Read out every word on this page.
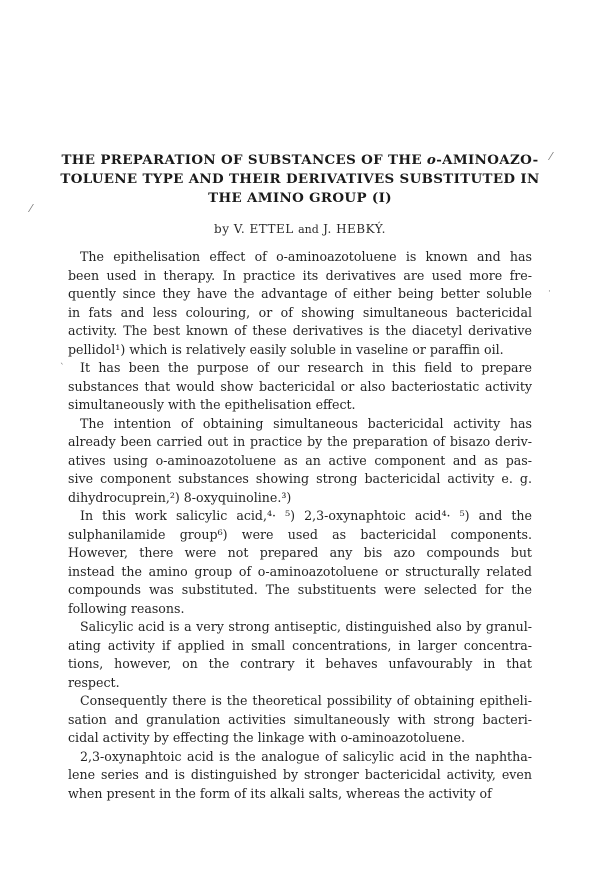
THE PREPARATION OF SUBSTANCES OF THE o-AMINOAZO-
TOLUENE TYPE AND THEIR DERIVATIVES SUBSTITUTED IN
THE AMINO GROUP (I)
by V. ETTEL and J. HEBKÝ.

The epithelisation effect of o-aminoazotoluene is known and has
been used in therapy. In practice its derivatives are used more fre-
quently since they have the advantage of either being better soluble
in fats and less colouring, or of showing simultaneous bactericidal
activity. The best known of these derivatives is the diacetyl derivative
pellidol¹) which is relatively easily soluble in vaseline or paraffin oil.

It has been the purpose of our research in this field to prepare
substances that would show bactericidal or also bacteriostatic activity
simultaneously with the epithelisation effect.

The intention of obtaining simultaneous bactericidal activity has
already been carried out in practice by the preparation of bisazo deriv-
atives using o-aminoazotoluene as an active component and as pas-
sive component substances showing strong bactericidal activity e. g.
dihydrocuprein,²) 8-oxyquinoline.³)

In this work salicylic acid,⁴· ⁵) 2,3-oxynaphtoic acid⁴· ⁵) and the
sulphanilamide group⁶) were used as bactericidal components.
However, there were not prepared any bis azo compounds but
instead the amino group of o-aminoazotoluene or structurally related
compounds was substituted. The substituents were selected for the
following reasons.

Salicylic acid is a very strong antiseptic, distinguished also by granul-
ating activity if applied in small concentrations, in larger concentra-
tions, however, on the contrary it behaves unfavourably in that
respect.

Consequently there is the theoretical possibility of obtaining epitheli-
sation and granulation activities simultaneously with strong bacteri-
cidal activity by effecting the linkage with o-aminoazotoluene.

2,3-oxynaphtoic acid is the analogue of salicylic acid in the naphtha-
lene series and is distinguished by stronger bactericidal activity, even
when present in the form of its alkali salts, whereas the activity of

⁄
⁄
·
ˋ
